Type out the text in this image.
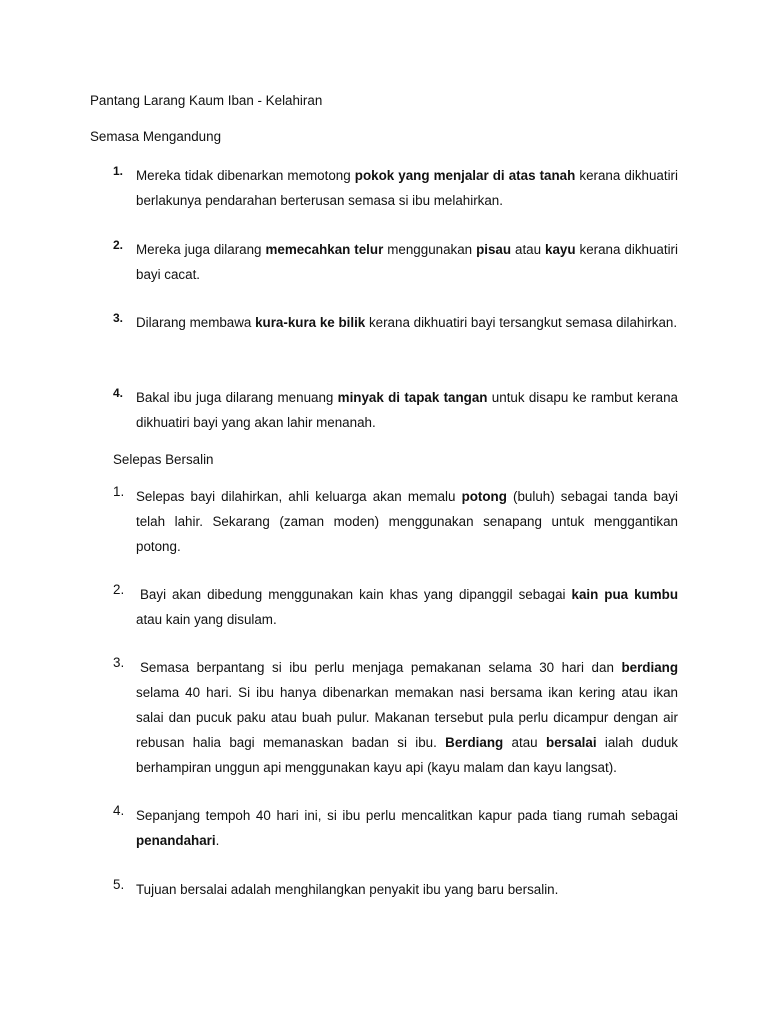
Pantang Larang Kaum Iban - Kelahiran
Semasa Mengandung
1. Mereka tidak dibenarkan memotong pokok yang menjalar di atas tanah kerana dikhuatiri berlakunya pendarahan berterusan semasa si ibu melahirkan.
2. Mereka juga dilarang memecahkan telur menggunakan pisau atau kayu kerana dikhuatiri bayi cacat.
3. Dilarang membawa kura-kura ke bilik kerana dikhuatiri bayi tersangkut semasa dilahirkan.
4. Bakal ibu juga dilarang menuang minyak di tapak tangan untuk disapu ke rambut kerana dikhuatiri bayi yang akan lahir menanah.
Selepas Bersalin
1. Selepas bayi dilahirkan, ahli keluarga akan memalu potong (buluh) sebagai tanda bayi telah lahir. Sekarang (zaman moden) menggunakan senapang untuk menggantikan potong.
2. Bayi akan dibedung menggunakan kain khas yang dipanggil sebagai kain pua kumbu atau kain yang disulam.
3. Semasa berpantang si ibu perlu menjaga pemakanan selama 30 hari dan berdiang selama 40 hari. Si ibu hanya dibenarkan memakan nasi bersama ikan kering atau ikan salai dan pucuk paku atau buah pulur. Makanan tersebut pula perlu dicampur dengan air rebusan halia bagi memanaskan badan si ibu. Berdiang atau bersalai ialah duduk berhampiran unggun api menggunakan kayu api (kayu malam dan kayu langsat).
4. Sepanjang tempoh 40 hari ini, si ibu perlu mencalitkan kapur pada tiang rumah sebagai penandahari.
5. Tujuan bersalai adalah menghilangkan penyakit ibu yang baru bersalin.
